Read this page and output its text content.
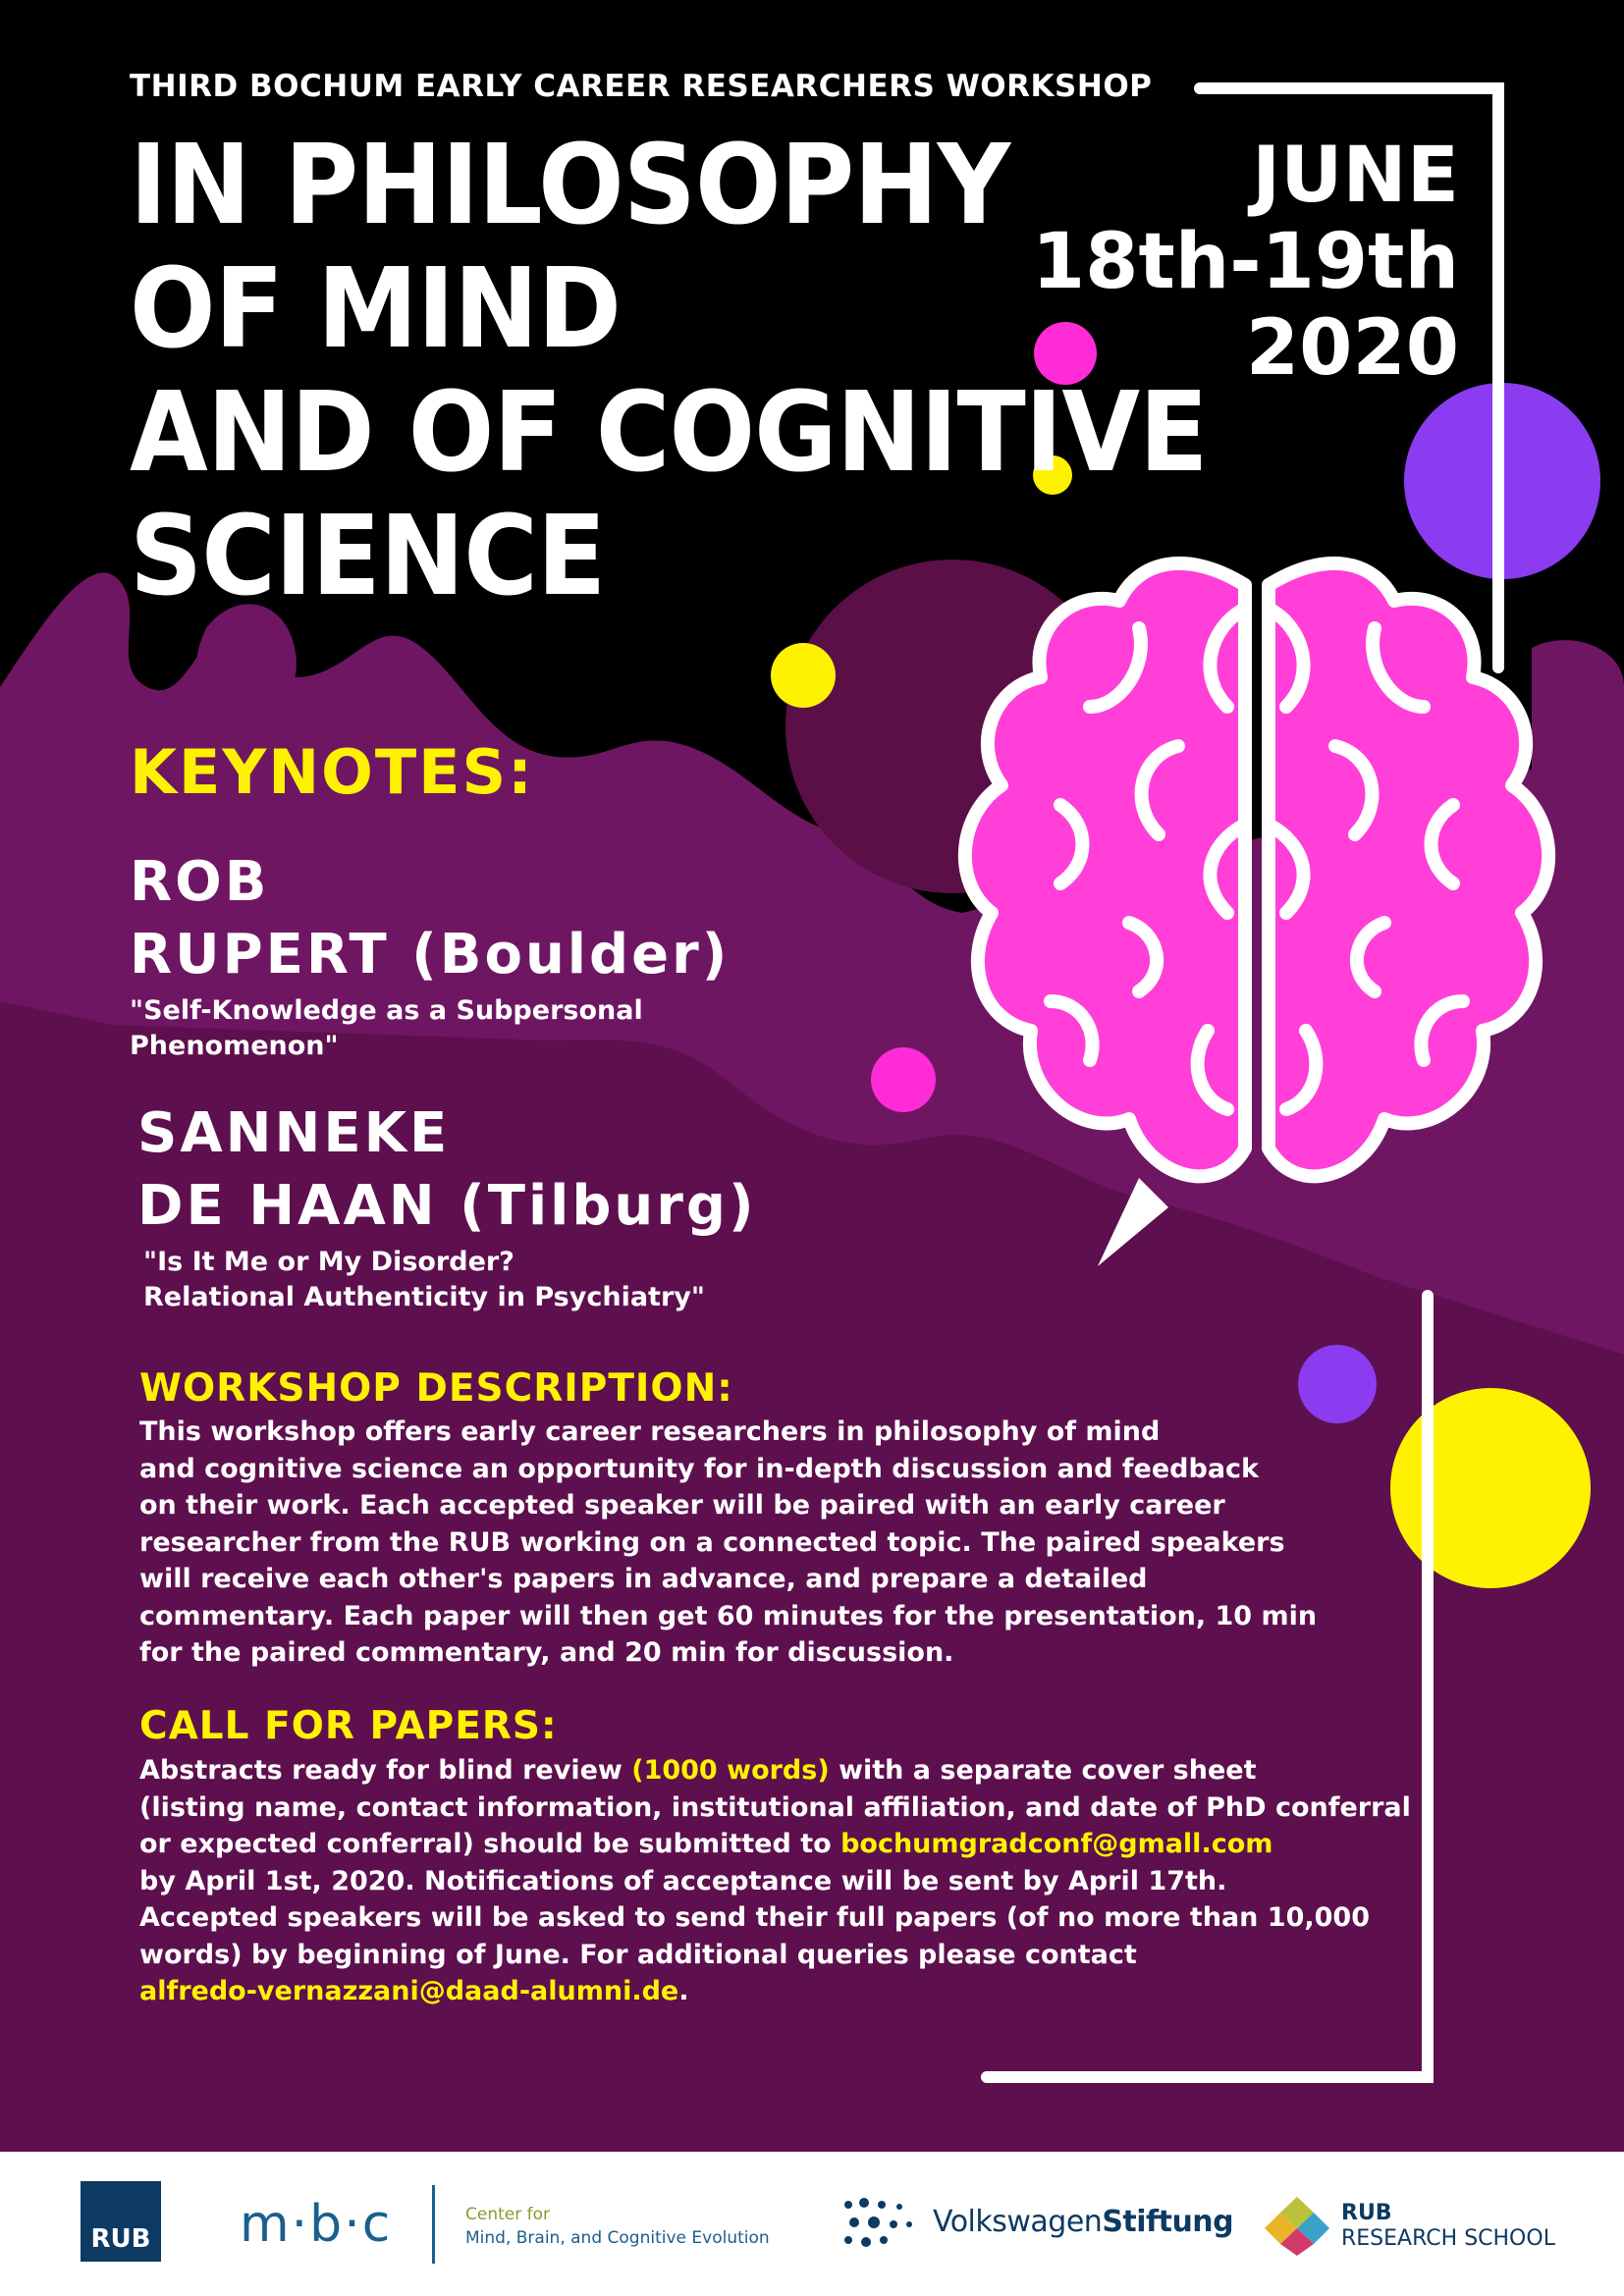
THIRD BOCHUM EARLY CAREER RESEARCHERS WORKSHOP
IN PHILOSOPHY
OF MIND
AND OF COGNITIVE
SCIENCE
JUNE
18th-19th
2020
KEYNOTES:
ROB
RUPERT (Boulder)
"Self-Knowledge as a Subpersonal
Phenomenon"
SANNEKE
DE HAAN (Tilburg)
"Is It Me or My Disorder?
Relational Authenticity in Psychiatry"
WORKSHOP DESCRIPTION:
This workshop offers early career researchers in philosophy of mind
and cognitive science an opportunity for in-depth discussion and feedback
on their work. Each accepted speaker will be paired with an early career
researcher from the RUB working on a connected topic. The paired speakers
will receive each other's papers in advance, and prepare a detailed
commentary. Each paper will then get 60 minutes for the presentation, 10 min
for the paired commentary, and 20 min for discussion.
CALL FOR PAPERS:
Abstracts ready for blind review (1000 words) with a separate cover sheet
(listing name, contact information, institutional affiliation, and date of PhD conferral
or expected conferral) should be submitted to bochumgradconf@gmall.com
by April 1st, 2020. Notifications of acceptance will be sent by April 17th.
Accepted speakers will be asked to send their full papers (of no more than 10,000
words) by beginning of June. For additional queries please contact
alfredo-vernazzani@daad-alumni.de.
RUB m·b·c	Center for
Mind, Brain, and Cognitive Evolution	VolkswagenStiftung	RUB
RESEARCH SCHOOL
